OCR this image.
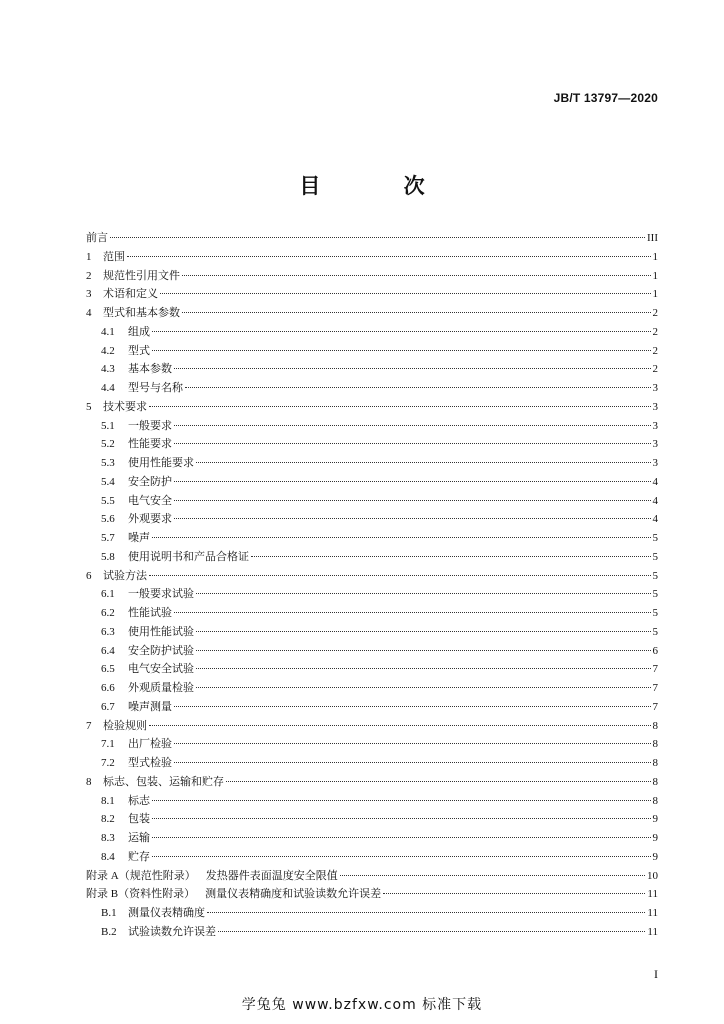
JB/T 13797—2020
目 次
前言	III
1	范围	1
2	规范性引用文件	1
3	术语和定义	1
4	型式和基本参数	2
4.1	组成	2
4.2	型式	2
4.3	基本参数	2
4.4	型号与名称	3
5	技术要求	3
5.1	一般要求	3
5.2	性能要求	3
5.3	使用性能要求	3
5.4	安全防护	4
5.5	电气安全	4
5.6	外观要求	4
5.7	噪声	5
5.8	使用说明书和产品合格证	5
6	试验方法	5
6.1	一般要求试验	5
6.2	性能试验	5
6.3	使用性能试验	5
6.4	安全防护试验	6
6.5	电气安全试验	7
6.6	外观质量检验	7
6.7	噪声测量	7
7	检验规则	8
7.1	出厂检验	8
7.2	型式检验	8
8	标志、包装、运输和贮存	8
8.1	标志	8
8.2	包装	9
8.3	运输	9
8.4	贮存	9
附录 A（规范性附录） 发热器件表面温度安全限值	10
附录 B（资料性附录） 测量仪表精确度和试验读数允许误差	11
B.1	测量仪表精确度	11
B.2	试验读数允许误差	11
I
学兔兔 www.bzfxw.com 标准下载
